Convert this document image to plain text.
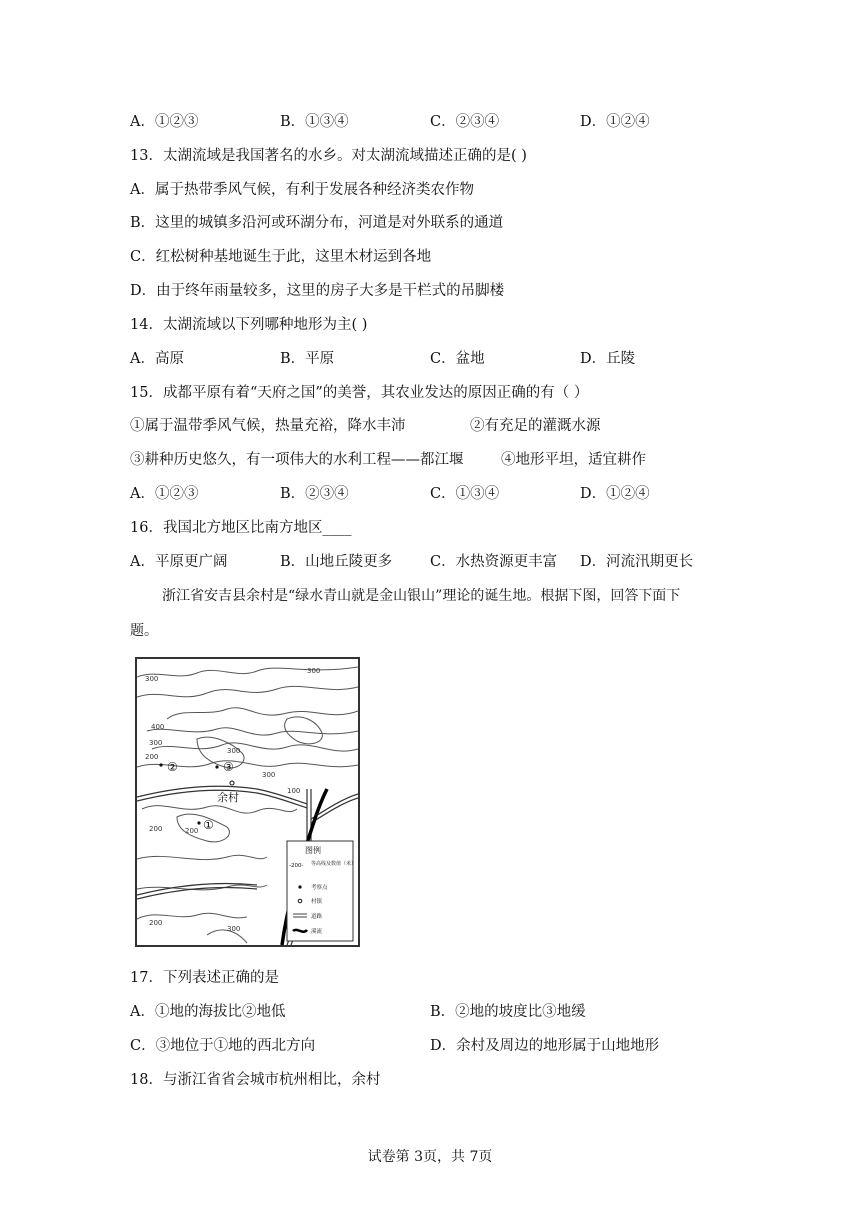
A．①②③	B．①③④	C．②③④	D．①②④
13．太湖流域是我国著名的水乡。对太湖流域描述正确的是( )
A．属于热带季风气候，有利于发展各种经济类农作物
B．这里的城镇多沿河或环湖分布，河道是对外联系的通道
C．红松树种基地诞生于此，这里木材运到各地
D．由于终年雨量较多，这里的房子大多是干栏式的吊脚楼
14．太湖流域以下列哪种地形为主( )
A．高原	B．平原	C．盆地	D．丘陵
15．成都平原有着“天府之国”的美誉，其农业发达的原因正确的有（ ）
①属于温带季风气候，热量充裕，降水丰沛	②有充足的灌溉水源
③耕种历史悠久，有一项伟大的水利工程——都江堰	④地形平坦，适宜耕作
A．①②③	B．②③④	C．①③④	D．①②④
16．我国北方地区比南方地区____
A．平原更广阔	B．山地丘陵更多	C．水热资源更丰富 D．河流汛期更长
浙江省安吉县余村是“绿水青山就是金山银山”理论的诞生地。根据下图，回答下面下
题。
300
300
400
300
200
300
300
100
200	200
200
300
②	③
①
余村
图例
-200- 等高线及数值（米）
考察点
村镇
道路
溪流
17．下列表述正确的是
A．①地的海拔比②地低	B．②地的坡度比③地缓
C．③地位于①地的西北方向	D．余村及周边的地形属于山地地形
18．与浙江省省会城市杭州相比，余村
试卷第 3页，共 7页
